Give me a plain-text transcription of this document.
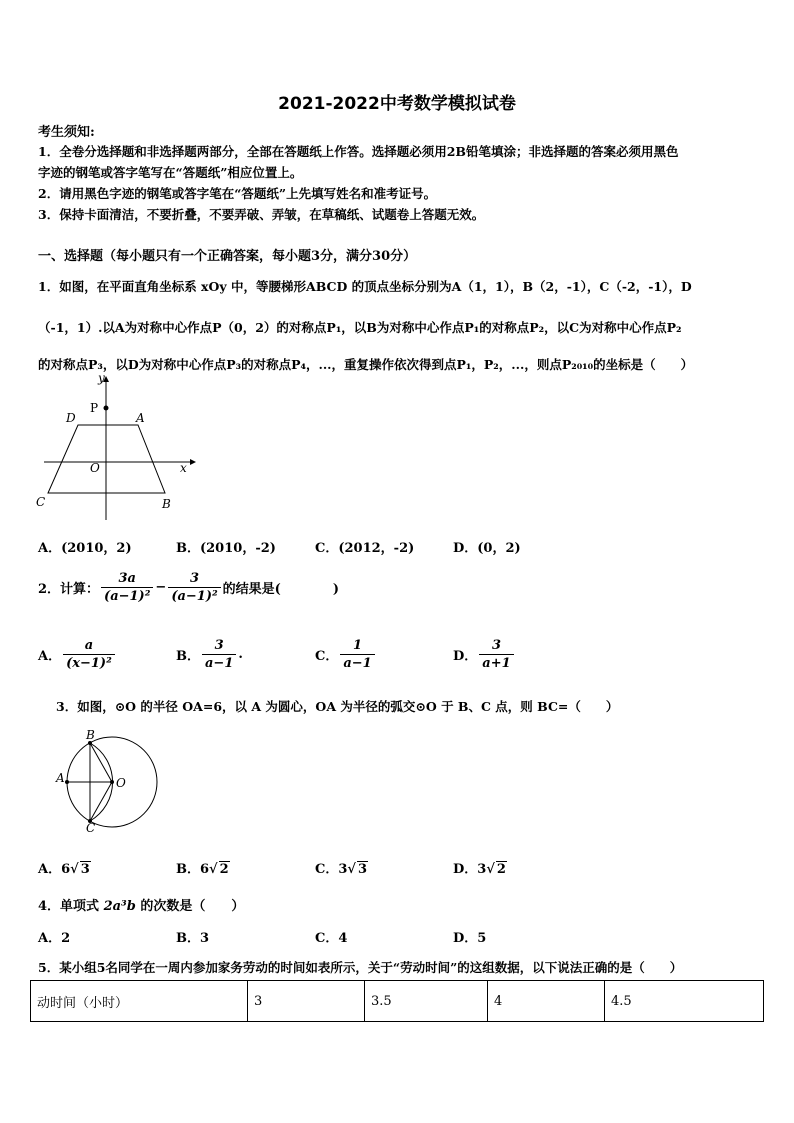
2021-2022中考数学模拟试卷
考生须知:
1．全卷分选择题和非选择题两部分，全部在答题纸上作答。选择题必须用2B铅笔填涂；非选择题的答案必须用黑色
字迹的钢笔或答字笔写在“答题纸”相应位置上。
2．请用黑色字迹的钢笔或答字笔在“答题纸”上先填写姓名和准考证号。
3．保持卡面清洁，不要折叠，不要弄破、弄皱，在草稿纸、试题卷上答题无效。
一、选择题（每小题只有一个正确答案，每小题3分，满分30分）
1．如图，在平面直角坐标系 xOy 中，等腰梯形ABCD 的顶点坐标分别为A（1，1），B（2，-1），C（-2，-1），D
（-1，1）.以A为对称中心作点P（0，2）的对称点P₁，以B为对称中心作点P₁的对称点P₂，以C为对称中心作点P₂
的对称点P₃，以D为对称中心作点P₃的对称点P₄，...，重复操作依次得到点P₁，P₂，...，则点P₂₀₁₀的坐标是（　　）
y
x
P
D	A
O
C	B
A．(2010，2)	B．(2010，-2)	C．(2012，-2)	D．(0，2)
2．计算： $\frac{3a}{\text{(a−1)²}} - \frac{3}{\text{(a−1)²}}$ 的结果是(　　　　)
A． $\frac{a}{\text{(x−1)²}}$	B． $\frac{3}{a-1}$ .	C． $\frac{1}{a-1}$	D． $\frac{3}{a+1}$
3．如图，⊙O 的半径 OA=6，以 A 为圆心，OA 为半径的弧交⊙O 于 B、C 点，则 BC=（　　）
B
A	O
C
A．6√ 3	B．6√ 2	C．3√ 3	D．3√ 2
4．单项式 2a³b 的次数是（　　）
A．2	B．3	C．4	D．5
5．某小组5名同学在一周内参加家务劳动的时间如表所示，关于“劳动时间”的这组数据，以下说法正确的是（　　）
动时间（小时）	3	3.5	4	4.5
